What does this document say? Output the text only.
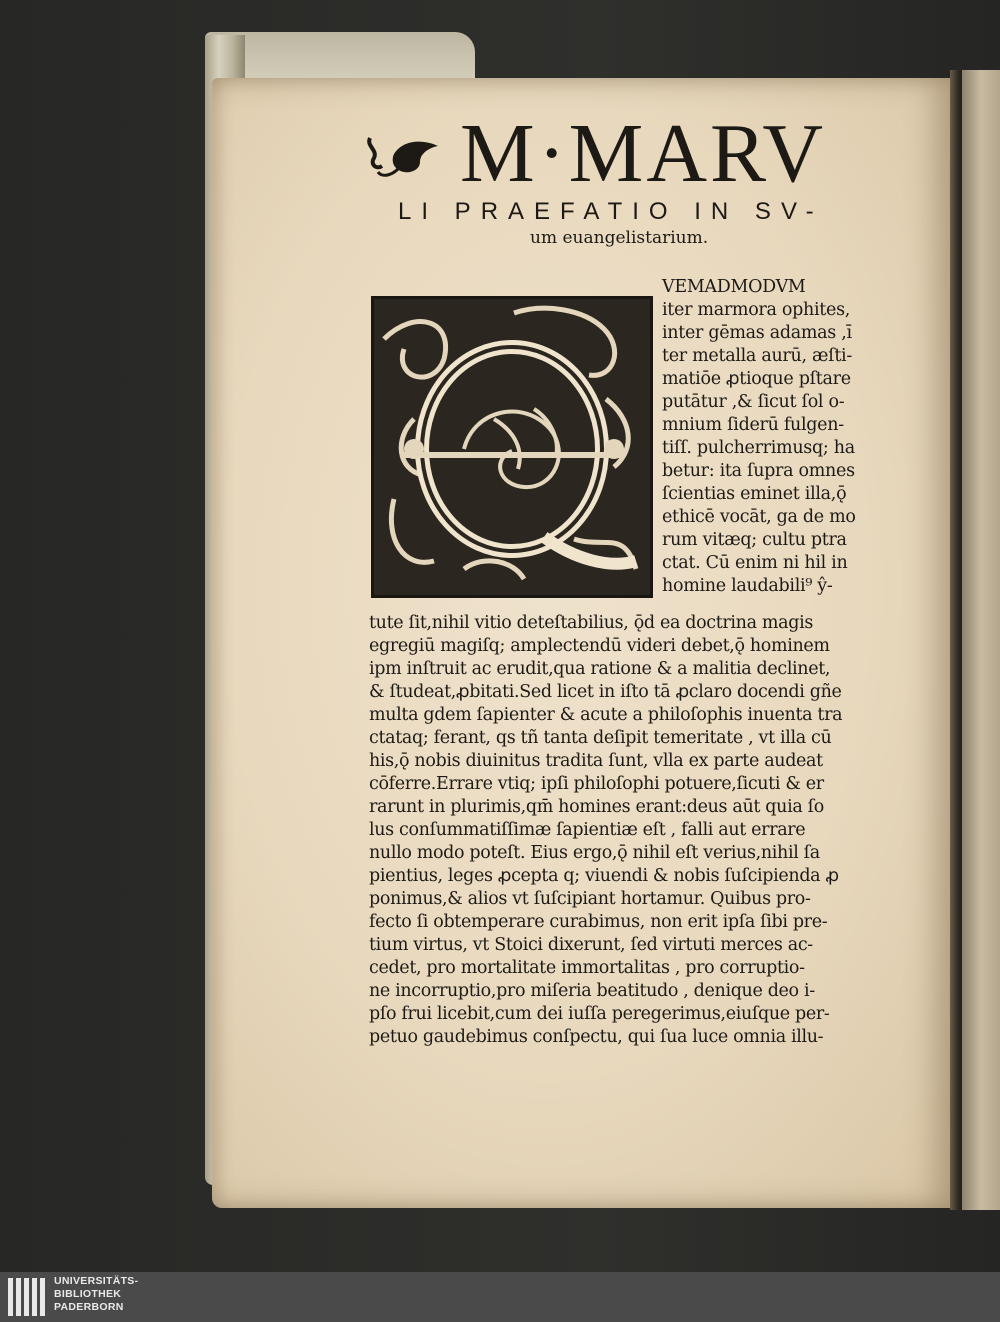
M·MARV
LI PRAEFATIO IN SV-
um euangelistarium.
VEMADMODVM
iter marmora ophites,
inter gēmas adamas ,ī
ter metalla aurū, æſti-
matiōe ꝓtioque pſtare
putātur ,& ſicut ſol o-
mnium ſiderū fulgen-
tiſſ. pulcherrimusq; ha
betur: ita ſupra omnes
ſcientias eminet illa,ǭ
ethicē vocāt, ga de mo
rum vitæq; cultu ptra
ctat. Cū enim ni hil in
homine laudabili⁹ ŷ-
tute ſit,nihil vitio deteſtabilius, ǭd ea doctrina magis
egregiū magiſq; amplectendū videri debet,ǭ hominem
ipm inſtruit ac erudit,qua ratione & a malitia declinet,
& ſtudeat,ꝓbitati.Sed licet in iſto tā ꝓclaro docendi gñe
multa gdem ſapienter & acute a philoſophis inuenta tra
ctataq; ferant, qs tñ tanta deſipit temeritate , vt illa cū
his,ǭ nobis diuinitus tradita ſunt, vlla ex parte audeat
cōferre.Errare vtiq; ipſi philoſophi potuere,ſicuti & er
rarunt in plurimis,qm̄ homines erant:deus aūt quia ſo
lus conſummatiſſimæ ſapientiæ eſt , falli aut errare
nullo modo poteſt. Eius ergo,ǭ nihil eſt verius,nihil ſa
pientius, leges ꝓcepta q; viuendi & nobis ſuſcipienda ꝓ
ponimus,& alios vt ſuſcipiant hortamur. Quibus pro-
fecto ſi obtemperare curabimus, non erit ipſa ſibi pre-
tium virtus, vt Stoici dixerunt, ſed virtuti merces ac-
cedet, pro mortalitate immortalitas , pro corruptio-
ne incorruptio,pro miſeria beatitudo , denique deo i-
pſo frui licebit,cum dei iuſſa peregerimus,eiuſque per-
petuo gaudebimus conſpectu, qui ſua luce omnia illu-
UNIVERSITÄTS-
BIBLIOTHEK
PADERBORN
